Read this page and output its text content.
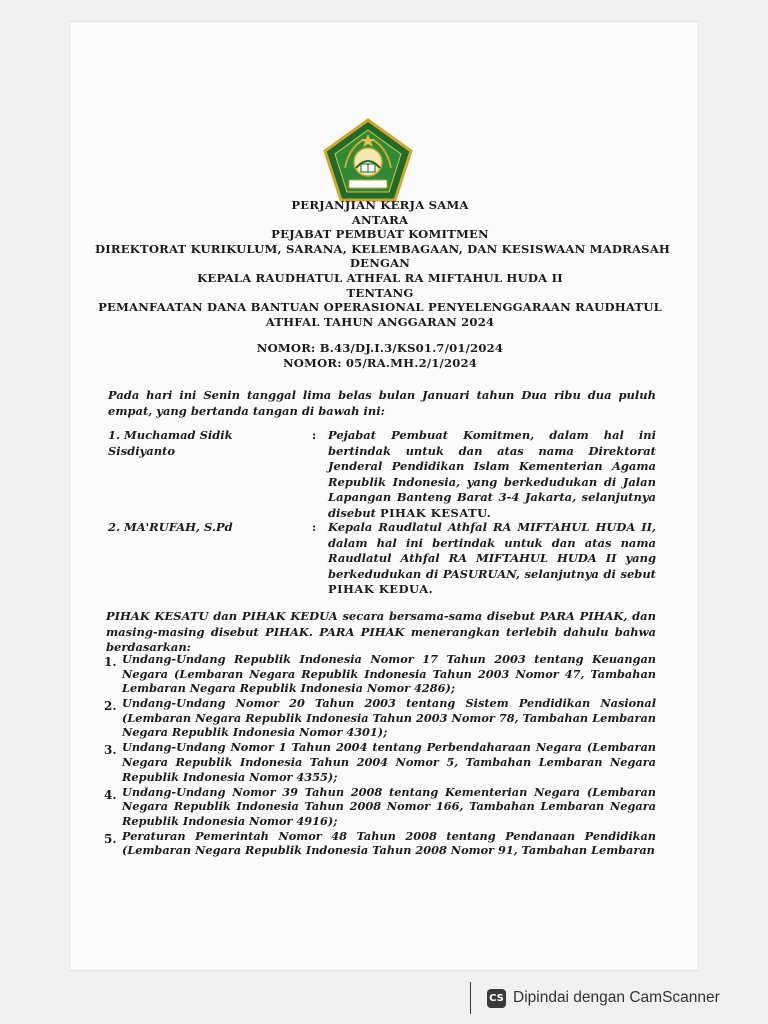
PERJANJIAN KERJA SAMA
ANTARA
PEJABAT PEMBUAT KOMITMEN
DIREKTORAT KURIKULUM, SARANA, KELEMBAGAAN, DAN KESISWAAN MADRASAH
DENGAN
KEPALA RAUDHATUL ATHFAL RA MIFTAHUL HUDA II
TENTANG
PEMANFAATAN DANA BANTUAN OPERASIONAL PENYELENGGARAAN RAUDHATUL
ATHFAL TAHUN ANGGARAN 2024
NOMOR: B.43/DJ.I.3/KS01.7/01/2024
NOMOR: 05/RA.MH.2/1/2024
Pada hari ini Senin tanggal lima belas bulan Januari tahun Dua ribu dua puluh empat, yang bertanda tangan di bawah ini:
1. Muchamad Sidik Sisdiyanto
: Pejabat Pembuat Komitmen, dalam hal ini bertindak untuk dan atas nama Direktorat Jenderal Pendidikan Islam Kementerian Agama Republik Indonesia, yang berkedudukan di Jalan Lapangan Banteng Barat 3-4 Jakarta, selanjutnya disebut PIHAK KESATU.
2. MA'RUFAH, S.Pd	: Kepala Raudlatul Athfal RA MIFTAHUL HUDA II, dalam hal ini bertindak untuk dan atas nama Raudlatul Athfal RA MIFTAHUL HUDA II yang berkedudukan di PASURUAN, selanjutnya di sebut PIHAK KEDUA.
PIHAK KESATU dan PIHAK KEDUA secara bersama-sama disebut PARA PIHAK, dan masing-masing disebut PIHAK. PARA PIHAK menerangkan terlebih dahulu bahwa berdasarkan:
1. Undang-Undang Republik Indonesia Nomor 17 Tahun 2003 tentang Keuangan Negara (Lembaran Negara Republik Indonesia Tahun 2003 Nomor 47, Tambahan Lembaran Negara Republik Indonesia Nomor 4286);
2. Undang-Undang Nomor 20 Tahun 2003 tentang Sistem Pendidikan Nasional (Lembaran Negara Republik Indonesia Tahun 2003 Nomor 78, Tambahan Lembaran Negara Republik Indonesia Nomor 4301);
3. Undang-Undang Nomor 1 Tahun 2004 tentang Perbendaharaan Negara (Lembaran Negara Republik Indonesia Tahun 2004 Nomor 5, Tambahan Lembaran Negara Republik Indonesia Nomor 4355);
4. Undang-Undang Nomor 39 Tahun 2008 tentang Kementerian Negara (Lembaran Negara Republik Indonesia Tahun 2008 Nomor 166, Tambahan Lembaran Negara Republik Indonesia Nomor 4916);
5. Peraturan Pemerintah Nomor 48 Tahun 2008 tentang Pendanaan Pendidikan (Lembaran Negara Republik Indonesia Tahun 2008 Nomor 91, Tambahan Lembaran
CS Dipindai dengan CamScanner
